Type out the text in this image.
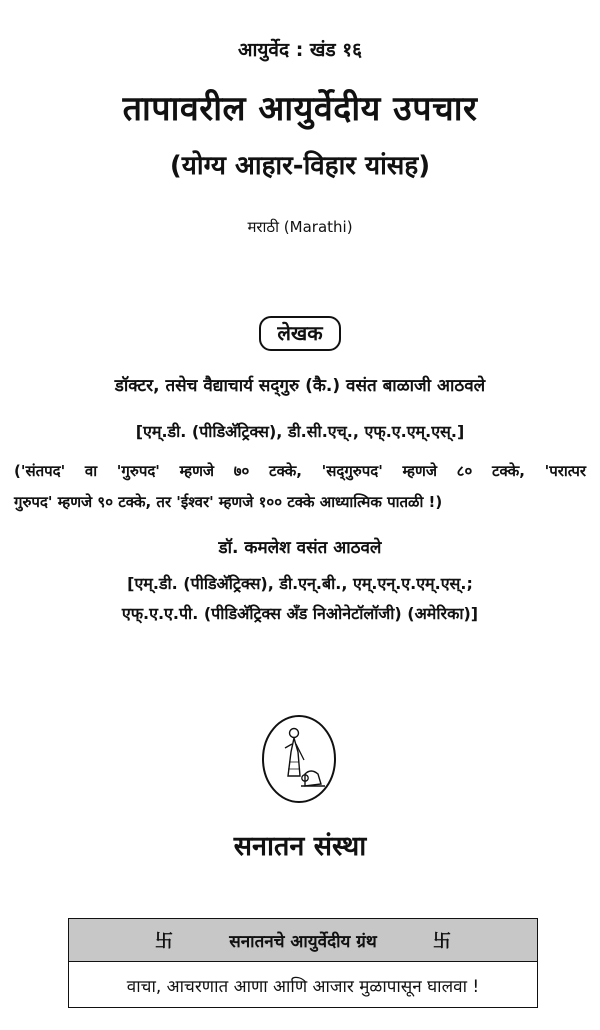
आयुर्वेद : खंड १६
तापावरील आयुर्वेदीय उपचार
(योग्य आहार-विहार यांसह)
मराठी (Marathi)
लेखक
डॉक्टर, तसेच वैद्याचार्य सद्‌गुरु (कै.) वसंत बाळाजी आठवले
[एम्.डी. (पीडिअ‍ॅट्रिक्स), डी.सी.एच्., एफ्.ए.एम्.एस्.]
('संतपद' वा 'गुरुपद' म्हणजे ७० टक्के, 'सद्‌गुरुपद' म्हणजे ८० टक्के, 'परात्पर
गुरुपद' म्हणजे ९० टक्के, तर 'ईश्‍वर' म्हणजे १०० टक्के आध्यात्मिक पातळी !)
डॉ. कमलेश वसंत आठवले
[एम्.डी. (पीडिअ‍ॅट्रिक्स), डी.एन्.बी., एम्.एन्.ए.एम्.एस्.;
एफ्.ए.ए.पी. (पीडिअ‍ॅट्रिक्स अँड निओनेटॉलॉजी) (अमेरिका)]
सनातन संस्था
卐	सनातनचे आयुर्वेदीय ग्रंथ	卐
वाचा, आचरणात आणा आणि आजार मुळापासून घालवा !
